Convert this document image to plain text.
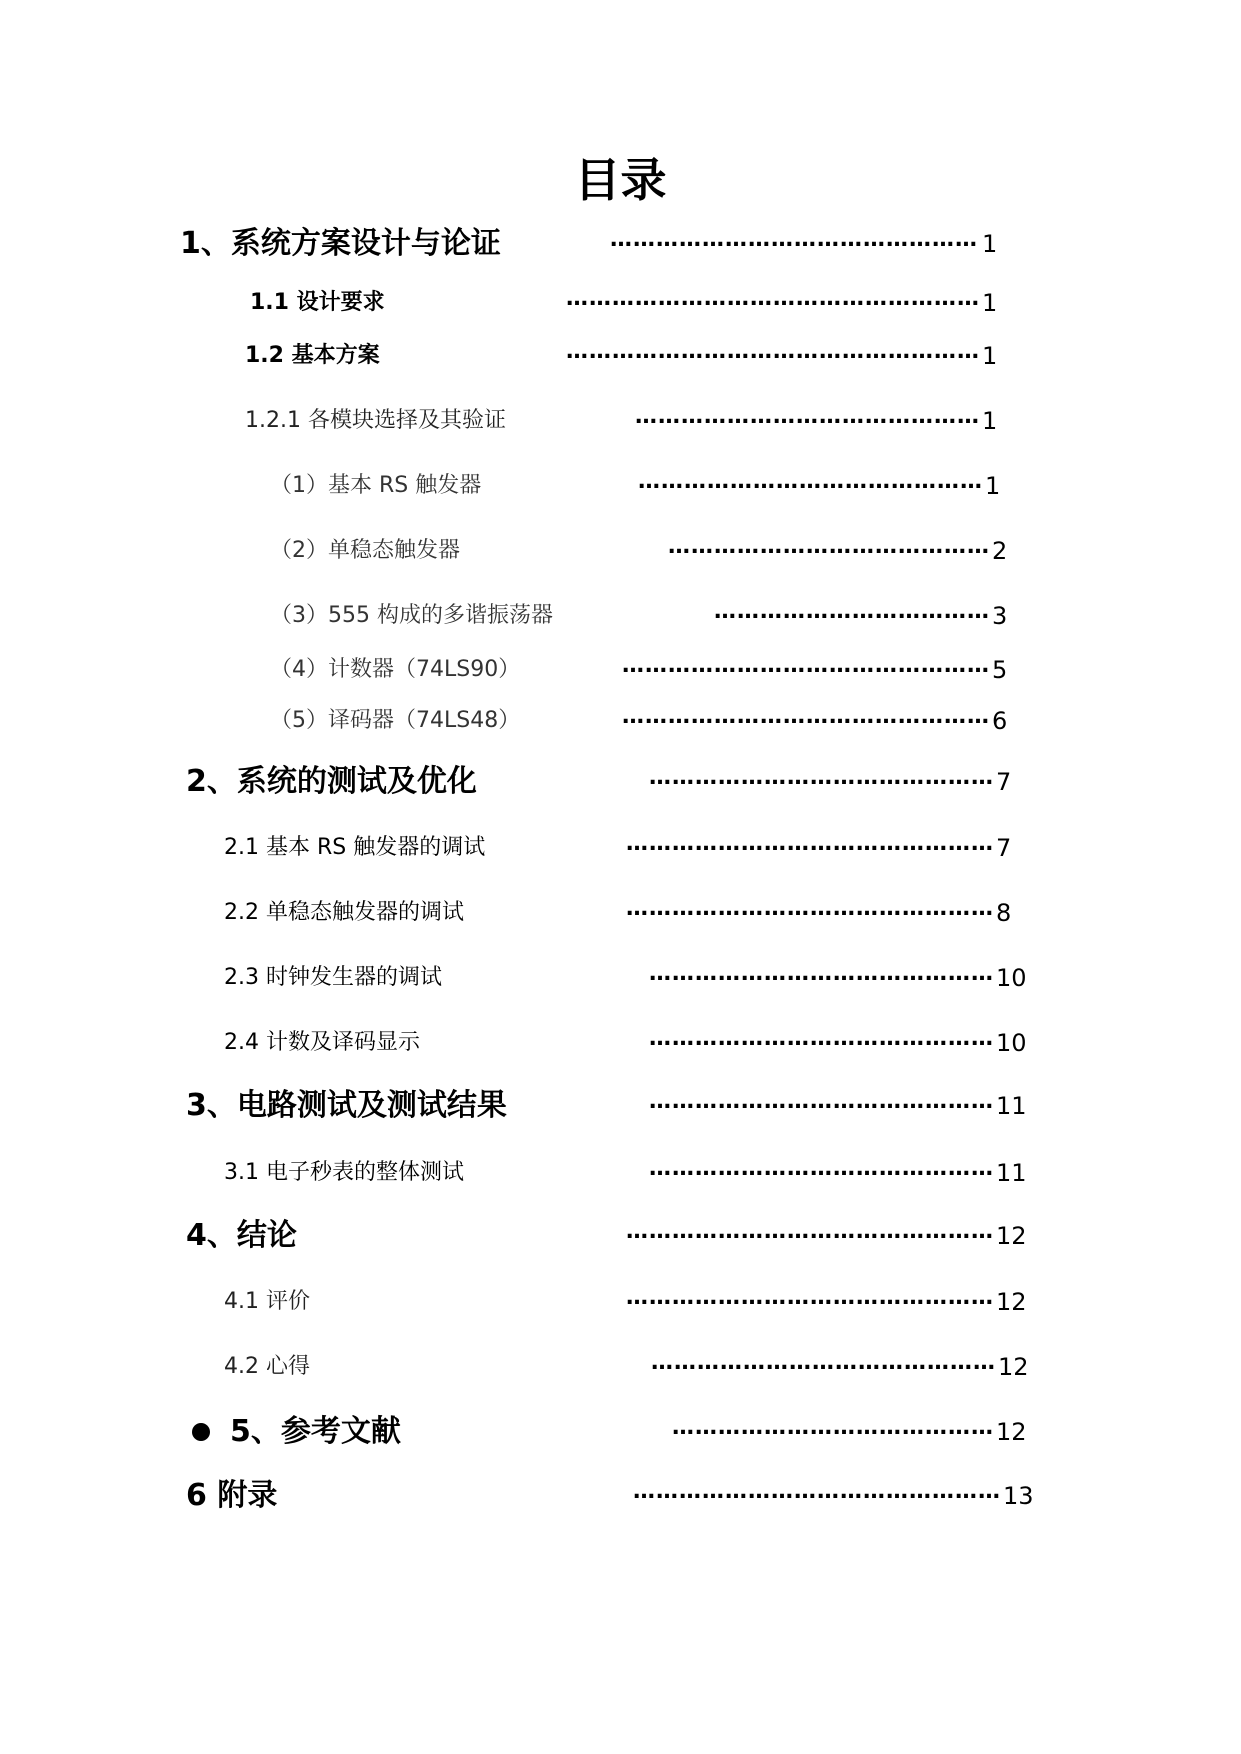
目录
1、系统方案设计与论证	………………………………………… 1
1.1 设计要求	……………………………………………… 1
1.2 基本方案	……………………………………………… 1
1.2.1 各模块选择及其验证	……………………………………… 1
（1）基本 RS 触发器	……………………………………… 1
（2）单稳态触发器	…………………………………… 2
（3）555 构成的多谐振荡器	……………………………… 3
（4）计数器（74LS90）	………………………………………… 5
（5）译码器（74LS48）	………………………………………… 6
2、系统的测试及优化	……………………………………… 7
2.1 基本 RS 触发器的调试	………………………………………… 7
2.2 单稳态触发器的调试	………………………………………… 8
2.3 时钟发生器的调试	……………………………………… 10
2.4 计数及译码显示	……………………………………… 10
3、电路测试及测试结果	……………………………………… 11
3.1 电子秒表的整体测试	……………………………………… 11
4、结论	………………………………………… 12
4.1 评价	………………………………………… 12
4.2 心得	……………………………………… 12
5、参考文献	…………………………………… 12
6 附录	………………………………………… 13
